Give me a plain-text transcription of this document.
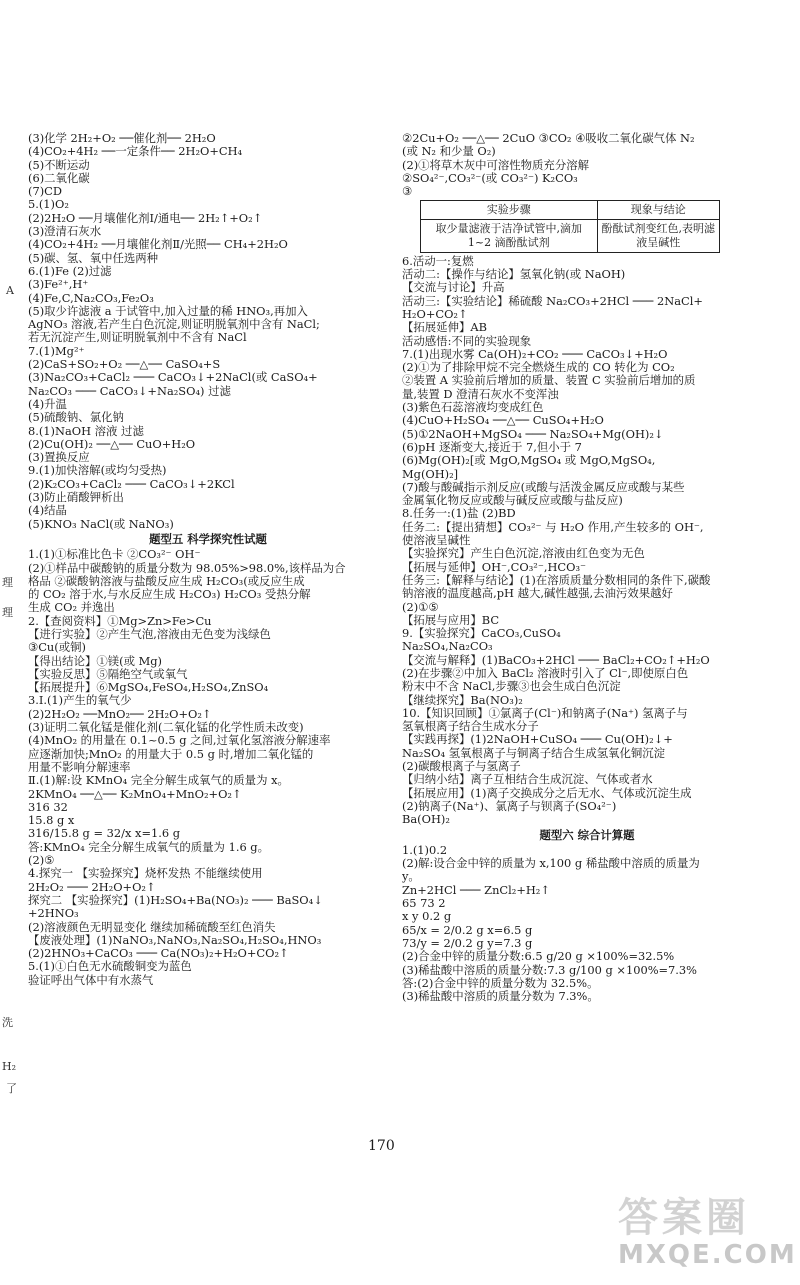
(3)化学 2H₂+O₂ ──催化剂── 2H₂O
(4)CO₂+4H₂ ──一定条件── 2H₂O+CH₄
(5)不断运动
(6)二氧化碳
(7)CD
5.(1)O₂
(2)2H₂O ──月壤催化剂Ⅰ/通电── 2H₂↑+O₂↑
(3)澄清石灰水
(4)CO₂+4H₂ ──月壤催化剂Ⅱ/光照── CH₄+2H₂O
(5)碳、氢、氧中任选两种
6.(1)Fe (2)过滤
(3)Fe²⁺,H⁺
(4)Fe,C,Na₂CO₃,Fe₂O₃
(5)取少许滤液 a 于试管中,加入过量的稀 HNO₃,再加入
AgNO₃ 溶液,若产生白色沉淀,则证明脱氧剂中含有 NaCl;
若无沉淀产生,则证明脱氧剂中不含有 NaCl
7.(1)Mg²⁺
(2)CaS+SO₂+O₂ ──△── CaSO₄+S
(3)Na₂CO₃+CaCl₂ ─── CaCO₃↓+2NaCl(或 CaSO₄+
Na₂CO₃ ─── CaCO₃↓+Na₂SO₄) 过滤
(4)升温
(5)硫酸钠、氯化钠
8.(1)NaOH 溶液 过滤
(2)Cu(OH)₂ ──△── CuO+H₂O
(3)置换反应
9.(1)加快溶解(或均匀受热)
(2)K₂CO₃+CaCl₂ ─── CaCO₃↓+2KCl
(3)防止硝酸钾析出
(4)结晶
(5)KNO₃ NaCl(或 NaNO₃)
题型五 科学探究性试题
1.(1)①标准比色卡 ②CO₃²⁻ OH⁻
(2)①样品中碳酸钠的质量分数为 98.05%>98.0%,该样品为合
格品 ②碳酸钠溶液与盐酸反应生成 H₂CO₃(或反应生成
的 CO₂ 溶于水,与水反应生成 H₂CO₃) H₂CO₃ 受热分解
生成 CO₂ 并逸出
2.【查阅资料】①Mg>Zn>Fe>Cu
【进行实验】②产生气泡,溶液由无色变为浅绿色
③Cu(或铜)
【得出结论】①镁(或 Mg)
【实验反思】⑤隔绝空气或氧气
【拓展提升】⑥MgSO₄,FeSO₄,H₂SO₄,ZnSO₄
3.Ⅰ.(1)产生的氧气少
(2)2H₂O₂ ──MnO₂── 2H₂O+O₂↑
(3)证明二氧化锰是催化剂(二氧化锰的化学性质未改变)
(4)MnO₂ 的用量在 0.1~0.5 g 之间,过氧化氢溶液分解速率
应逐渐加快;MnO₂ 的用量大于 0.5 g 时,增加二氧化锰的
用量不影响分解速率
Ⅱ.(1)解:设 KMnO₄ 完全分解生成氧气的质量为 x。
2KMnO₄ ──△── K₂MnO₄+MnO₂+O₂↑
316 32
15.8 g x
316/15.8 g = 32/x x=1.6 g
答:KMnO₄ 完全分解生成氧气的质量为 1.6 g。
(2)⑤
4.探究一 【实验探究】烧杯发热 不能继续使用
2H₂O₂ ─── 2H₂O+O₂↑
探究二 【实验探究】(1)H₂SO₄+Ba(NO₃)₂ ─── BaSO₄↓
+2HNO₃
(2)溶液颜色无明显变化 继续加稀硫酸至红色消失
【废液处理】(1)NaNO₃,NaNO₃,Na₂SO₄,H₂SO₄,HNO₃
(2)2HNO₃+CaCO₃ ─── Ca(NO₃)₂+H₂O+CO₂↑
5.(1)①白色无水硫酸铜变为蓝色
验证呼出气体中有水蒸气
②2Cu+O₂ ──△── 2CuO ③CO₂ ④吸收二氧化碳气体 N₂
(或 N₂ 和少量 O₂)
(2)①将草木灰中可溶性物质充分溶解
②SO₄²⁻,CO₃²⁻(或 CO₃²⁻) K₂CO₃
③
实验步骤	现象与结论
取少量滤液于洁净试管中,滴加 1~2 滴酚酞试剂	酚酞试剂变红色,表明滤液呈碱性
6.活动一:复燃
活动二:【操作与结论】氢氧化钠(或 NaOH)
【交流与讨论】升高
活动三:【实验结论】稀硫酸 Na₂CO₃+2HCl ─── 2NaCl+
H₂O+CO₂↑
【拓展延伸】AB
活动感悟:不同的实验现象
7.(1)出现水雾 Ca(OH)₂+CO₂ ─── CaCO₃↓+H₂O
(2)①为了排除甲烷不完全燃烧生成的 CO 转化为 CO₂
②装置 A 实验前后增加的质量、装置 C 实验前后增加的质
量,装置 D 澄清石灰水不变浑浊
(3)紫色石蕊溶液均变成红色
(4)CuO+H₂SO₄ ──△── CuSO₄+H₂O
(5)①2NaOH+MgSO₄ ─── Na₂SO₄+Mg(OH)₂↓
(6)pH 逐渐变大,接近于 7,但小于 7
(6)Mg(OH)₂[或 MgO,MgSO₄ 或 MgO,MgSO₄,
Mg(OH)₂]
(7)酸与酸碱指示剂反应(或酸与活泼金属反应或酸与某些
金属氧化物反应或酸与碱反应或酸与盐反应)
8.任务一:(1)盐 (2)BD
任务二:【提出猜想】CO₃²⁻ 与 H₂O 作用,产生较多的 OH⁻,
使溶液呈碱性
【实验探究】产生白色沉淀,溶液由红色变为无色
【拓展与延伸】OH⁻,CO₃²⁻,HCO₃⁻
任务三:【解释与结论】(1)在溶质质量分数相同的条件下,碳酸
钠溶液的温度越高,pH 越大,碱性越强,去油污效果越好
(2)①⑤
【拓展与应用】BC
9.【实验探究】CaCO₃,CuSO₄
Na₂SO₄,Na₂CO₃
【交流与解释】(1)BaCO₃+2HCl ─── BaCl₂+CO₂↑+H₂O
(2)在步骤②中加入 BaCl₂ 溶液时引入了 Cl⁻,即使原白色
粉末中不含 NaCl,步骤③也会生成白色沉淀
【继续探究】Ba(NO₃)₂
10.【知识回顾】①氯离子(Cl⁻)和钠离子(Na⁺) 氢离子与
氢氧根离子结合生成水分子
【实践再探】(1)2NaOH+CuSO₄ ─── Cu(OH)₂↓+
Na₂SO₄ 氢氧根离子与铜离子结合生成氢氧化铜沉淀
(2)碳酸根离子与氢离子
【归纳小结】离子互相结合生成沉淀、气体或者水
【拓展应用】(1)离子交换成分之后无水、气体或沉淀生成
(2)钠离子(Na⁺)、氯离子与钡离子(SO₄²⁻)
Ba(OH)₂
题型六 综合计算题
1.(1)0.2
(2)解:设合金中锌的质量为 x,100 g 稀盐酸中溶质的质量为
y。
Zn+2HCl ─── ZnCl₂+H₂↑
65 73 2
x y 0.2 g
65/x = 2/0.2 g x=6.5 g
73/y = 2/0.2 g y=7.3 g
(2)合金中锌的质量分数:6.5 g/20 g ×100%=32.5%
(3)稀盐酸中溶质的质量分数:7.3 g/100 g ×100%=7.3%
答:(2)合金中锌的质量分数为 32.5%。
(3)稀盐酸中溶质的质量分数为 7.3%。
170
A
理
理
洗
H₂
了
答案圈
MXQE.COM
